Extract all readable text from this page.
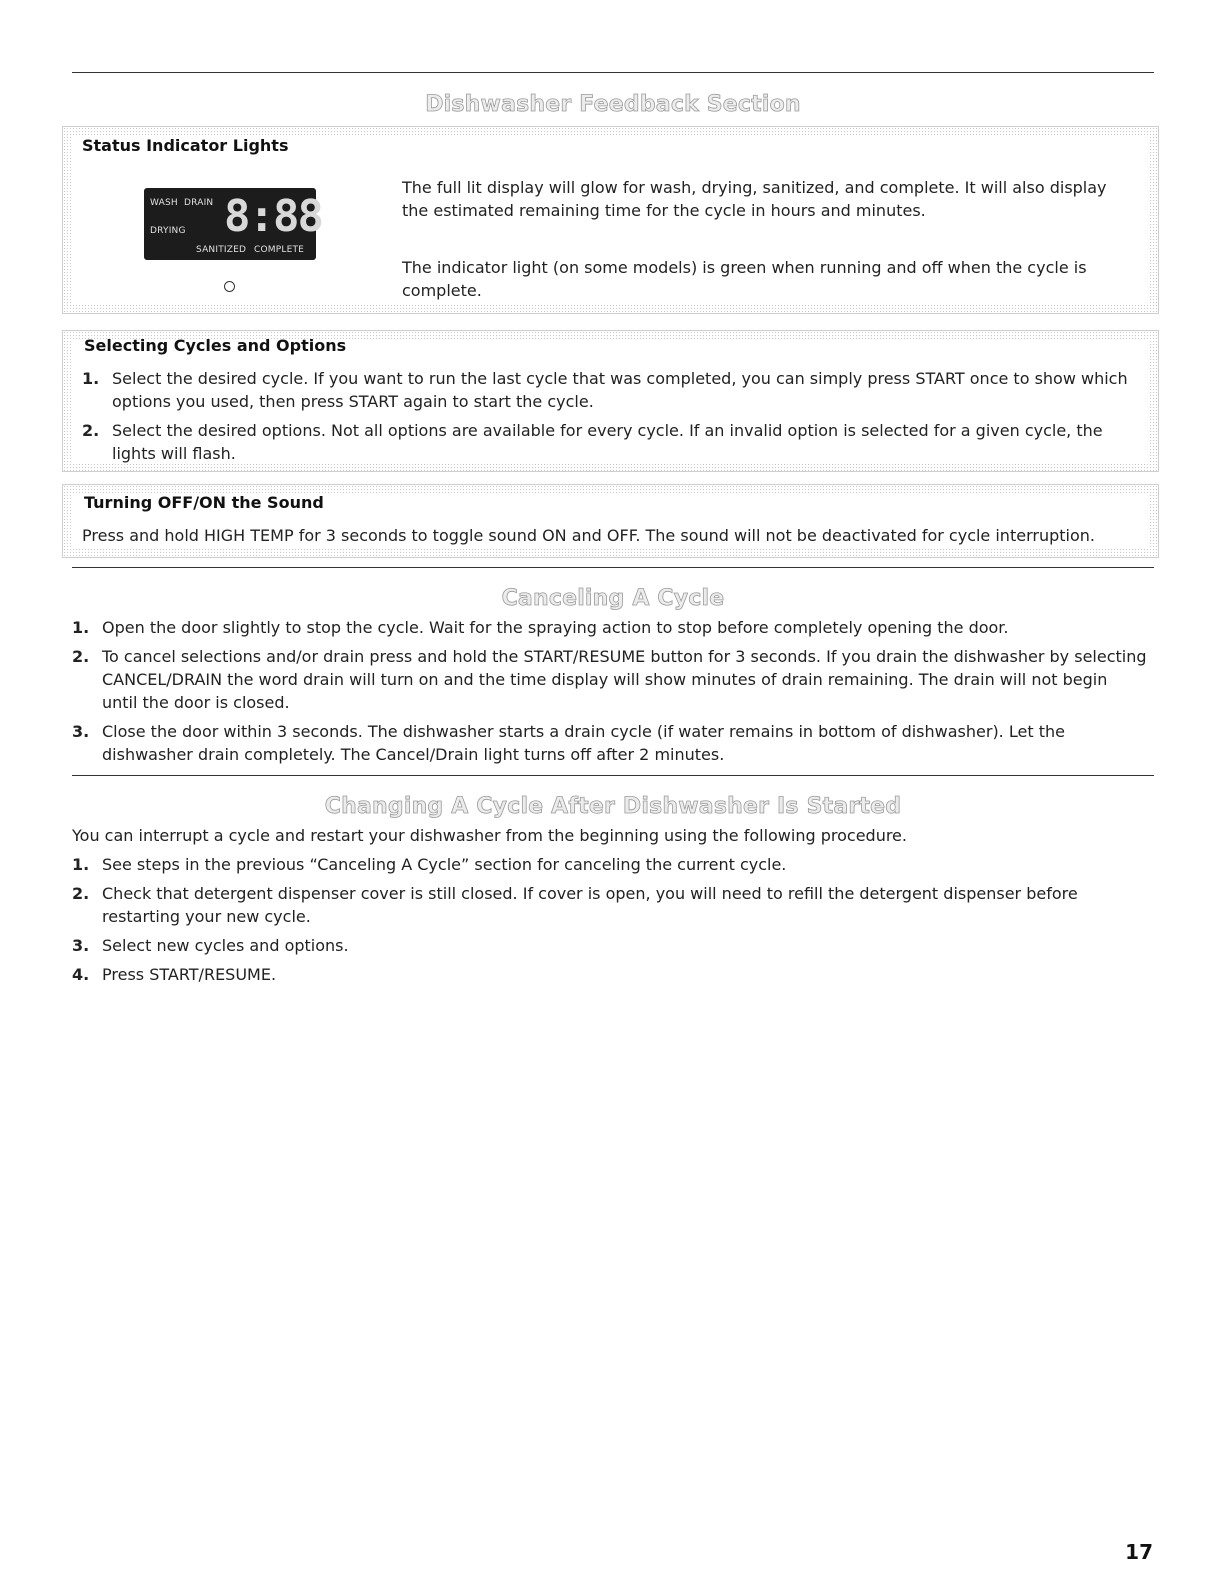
Dishwasher Feedback Section
Status Indicator Lights
WASH DRAIN
DRYING
SANITIZED COMPLETE
8:88
The full lit display will glow for wash, drying, sanitized, and complete. It will also display the estimated remaining time for the cycle in hours and minutes.
The indicator light (on some models) is green when running and off when the cycle is complete.
Selecting Cycles and Options
1. Select the desired cycle. If you want to run the last cycle that was completed, you can simply press START once to show which options you used, then press START again to start the cycle.
2. Select the desired options. Not all options are available for every cycle. If an invalid option is selected for a given cycle, the lights will flash.
Turning OFF/ON the Sound
Press and hold HIGH TEMP for 3 seconds to toggle sound ON and OFF. The sound will not be deactivated for cycle interruption.
Canceling A Cycle
1. Open the door slightly to stop the cycle. Wait for the spraying action to stop before completely opening the door.
2. To cancel selections and/or drain press and hold the START/RESUME button for 3 seconds. If you drain the dishwasher by selecting CANCEL/DRAIN the word drain will turn on and the time display will show minutes of drain remaining. The drain will not begin until the door is closed.
3. Close the door within 3 seconds. The dishwasher starts a drain cycle (if water remains in bottom of dishwasher). Let the dishwasher drain completely. The Cancel/Drain light turns off after 2 minutes.
Changing A Cycle After Dishwasher Is Started
You can interrupt a cycle and restart your dishwasher from the beginning using the following procedure.
1. See steps in the previous “Canceling A Cycle” section for canceling the current cycle.
2. Check that detergent dispenser cover is still closed. If cover is open, you will need to refill the detergent dispenser before restarting your new cycle.
3. Select new cycles and options.
4. Press START/RESUME.
17
